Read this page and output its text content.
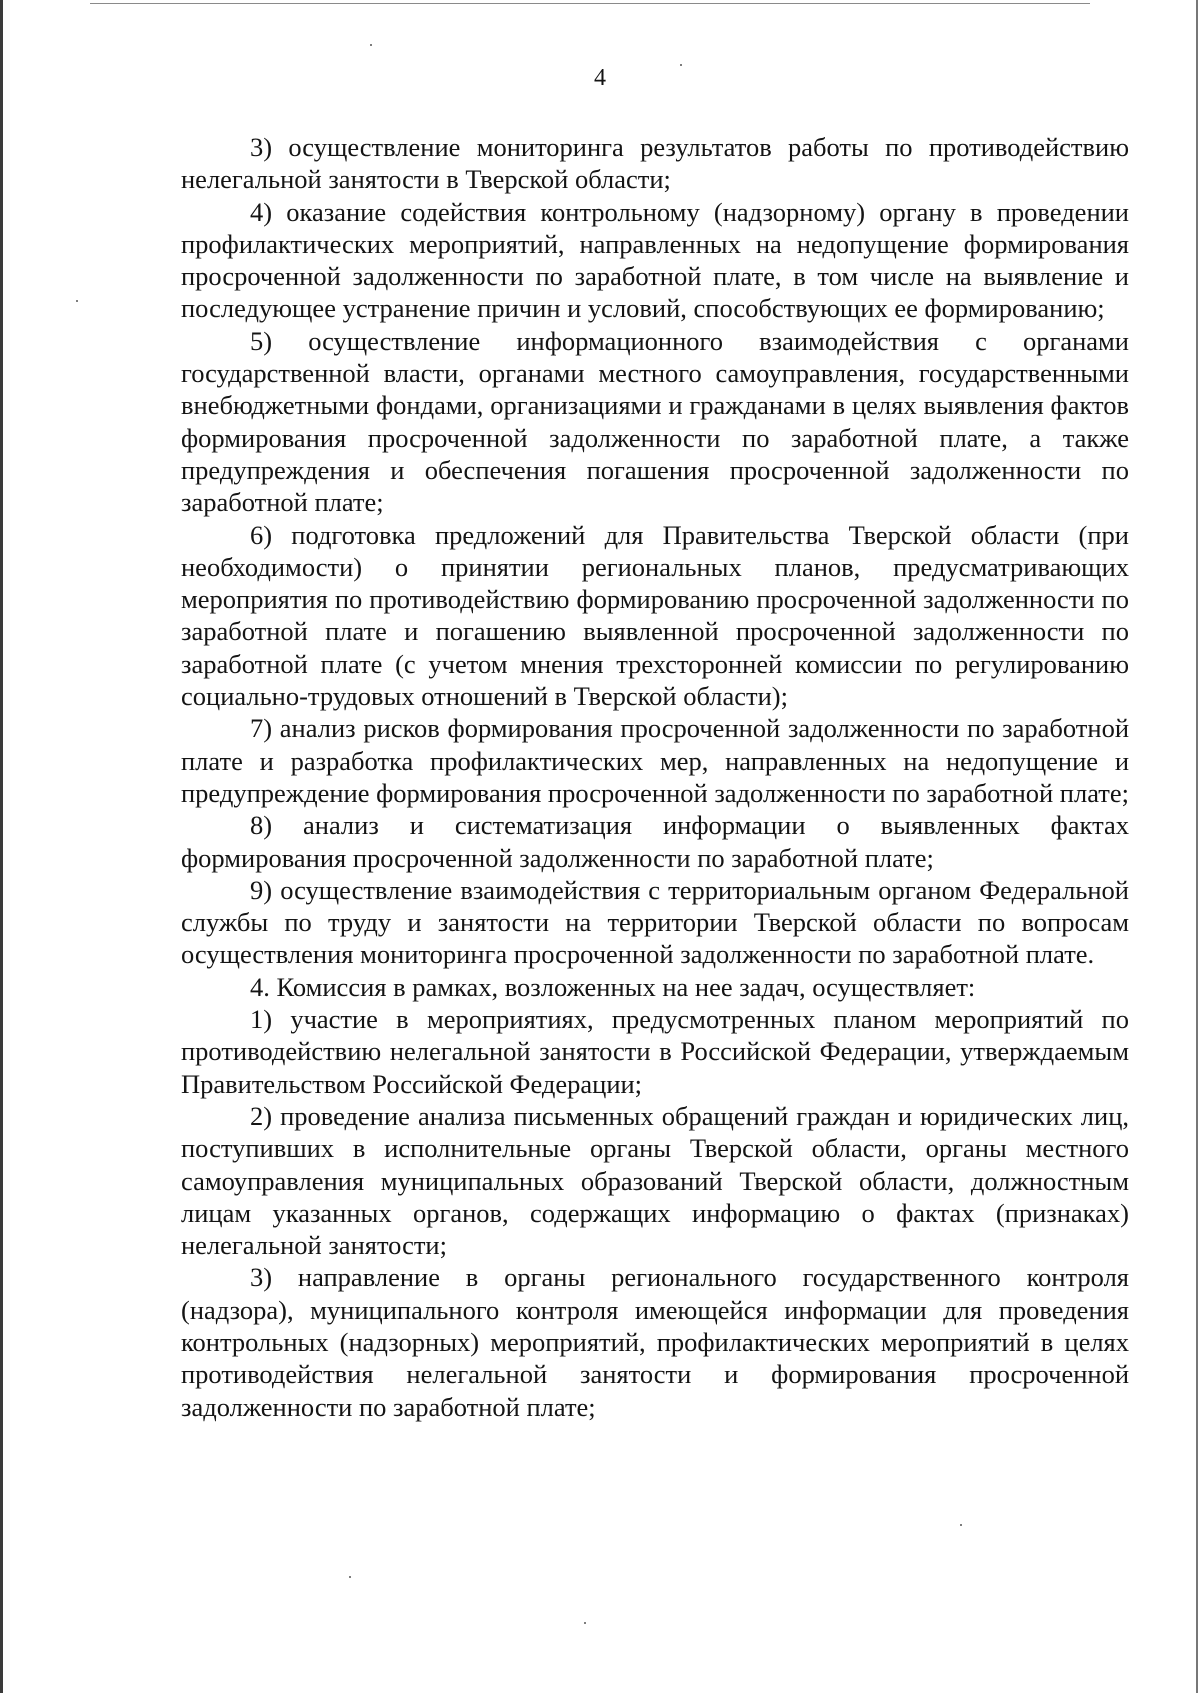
4

3) осуществление мониторинга результатов работы по противодействию нелегальной занятости в Тверской области;

4) оказание содействия контрольному (надзорному) органу в проведении профилактических мероприятий, направленных на недопущение формирования просроченной задолженности по заработной плате, в том числе на выявление и последующее устранение причин и условий, способствующих ее формированию;

5) осуществление информационного взаимодействия с органами государственной власти, органами местного самоуправления, государственными внебюджетными фондами, организациями и гражданами в целях выявления фактов формирования просроченной задолженности по заработной плате, а также предупреждения и обеспечения погашения просроченной задолженности по заработной плате;

6) подготовка предложений для Правительства Тверской области (при необходимости) о принятии региональных планов, предусматривающих мероприятия по противодействию формированию просроченной задолженности по заработной плате и погашению выявленной просроченной задолженности по заработной плате (с учетом мнения трехсторонней комиссии по регулированию социально-трудовых отношений в Тверской области);

7) анализ рисков формирования просроченной задолженности по заработной плате и разработка профилактических мер, направленных на недопущение и предупреждение формирования просроченной задолженности по заработной плате;

8) анализ и систематизация информации о выявленных фактах формирования просроченной задолженности по заработной плате;

9) осуществление взаимодействия с территориальным органом Федеральной службы по труду и занятости на территории Тверской области по вопросам осуществления мониторинга просроченной задолженности по заработной плате.

4. Комиссия в рамках, возложенных на нее задач, осуществляет:

1) участие в мероприятиях, предусмотренных планом мероприятий по противодействию нелегальной занятости в Российской Федерации, утверждаемым Правительством Российской Федерации;

2) проведение анализа письменных обращений граждан и юридических лиц, поступивших в исполнительные органы Тверской области, органы местного самоуправления муниципальных образований Тверской области, должностным лицам указанных органов, содержащих информацию о фактах (признаках) нелегальной занятости;

3) направление в органы регионального государственного контроля (надзора), муниципального контроля имеющейся информации для проведения контрольных (надзорных) мероприятий, профилактических мероприятий в целях противодействия нелегальной занятости и формирования просроченной задолженности по заработной плате;
